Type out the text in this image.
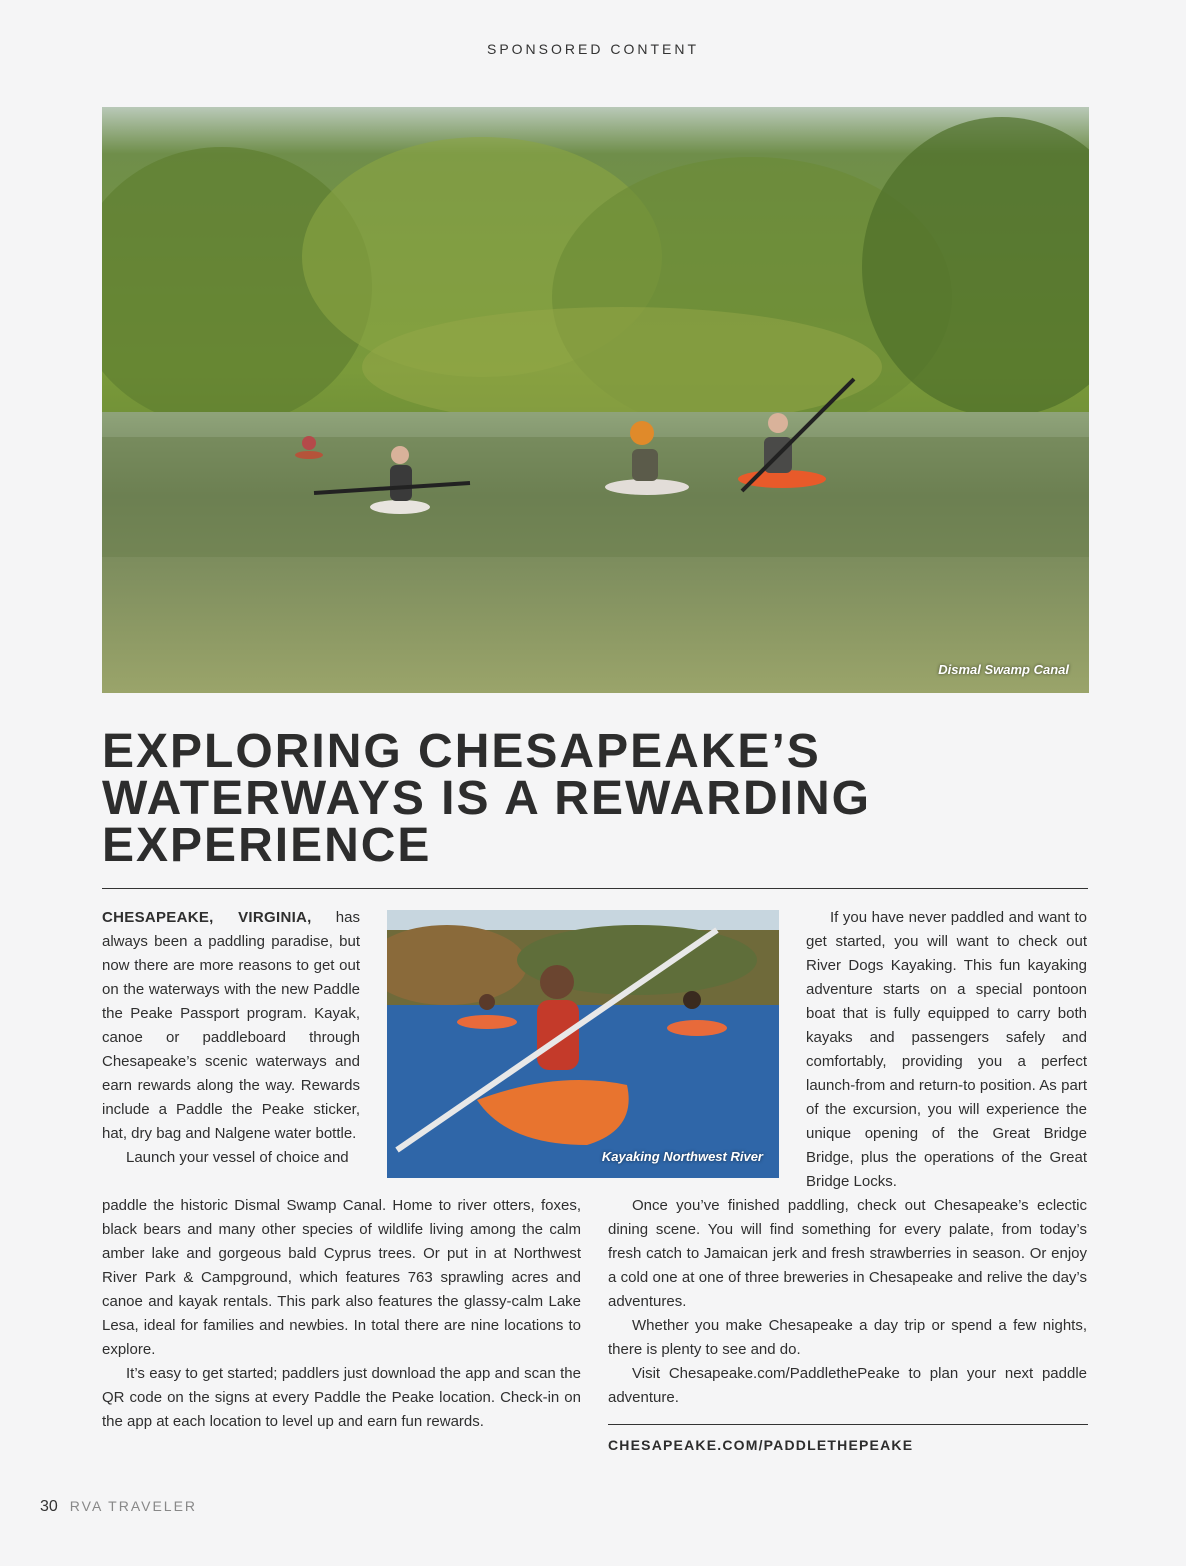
SPONSORED CONTENT
Dismal Swamp Canal
EXPLORING CHESAPEAKE’S WATERWAYS IS A REWARDING EXPERIENCE
Kayaking Northwest River

CHESAPEAKE, VIRGINIA, has always been a paddling paradise, but now there are more reasons to get out on the waterways with the new Paddle the Peake Passport program. Kayak, canoe or paddleboard through Chesapeake’s scenic waterways and earn rewards along the way. Rewards include a Paddle the Peake sticker, hat, dry bag and Nalgene water bottle.

Launch your vessel of choice and

paddle the historic Dismal Swamp Canal. Home to river otters, foxes, black bears and many other species of wildlife living among the calm amber lake and gorgeous bald Cyprus trees. Or put in at Northwest River Park & Campground, which features 763 sprawling acres and canoe and kayak rentals. This park also features the glassy-calm Lake Lesa, ideal for families and newbies. In total there are nine locations to explore.

It’s easy to get started; paddlers just download the app and scan the QR code on the signs at every Paddle the Peake location. Check-in on the app at each location to level up and earn fun rewards.

If you have never paddled and want to get started, you will want to check out River Dogs Kayaking. This fun kayaking adventure starts on a special pontoon boat that is fully equipped to carry both kayaks and passengers safely and comfortably, providing you a perfect launch-from and return-to position. As part of the excursion, you will experience the unique opening of the Great Bridge Bridge, plus the operations of the Great Bridge Locks.

Once you’ve finished paddling, check out Chesapeake’s eclectic dining scene. You will find something for every palate, from today’s fresh catch to Jamaican jerk and fresh strawberries in season. Or enjoy a cold one at one of three breweries in Chesapeake and relive the day’s adventures.

Whether you make Chesapeake a day trip or spend a few nights, there is plenty to see and do.

Visit Chesapeake.com/PaddlethePeake to plan your next paddle adventure.

CHESAPEAKE.COM/PADDLETHEPEAKE
30 RVA TRAVELER
